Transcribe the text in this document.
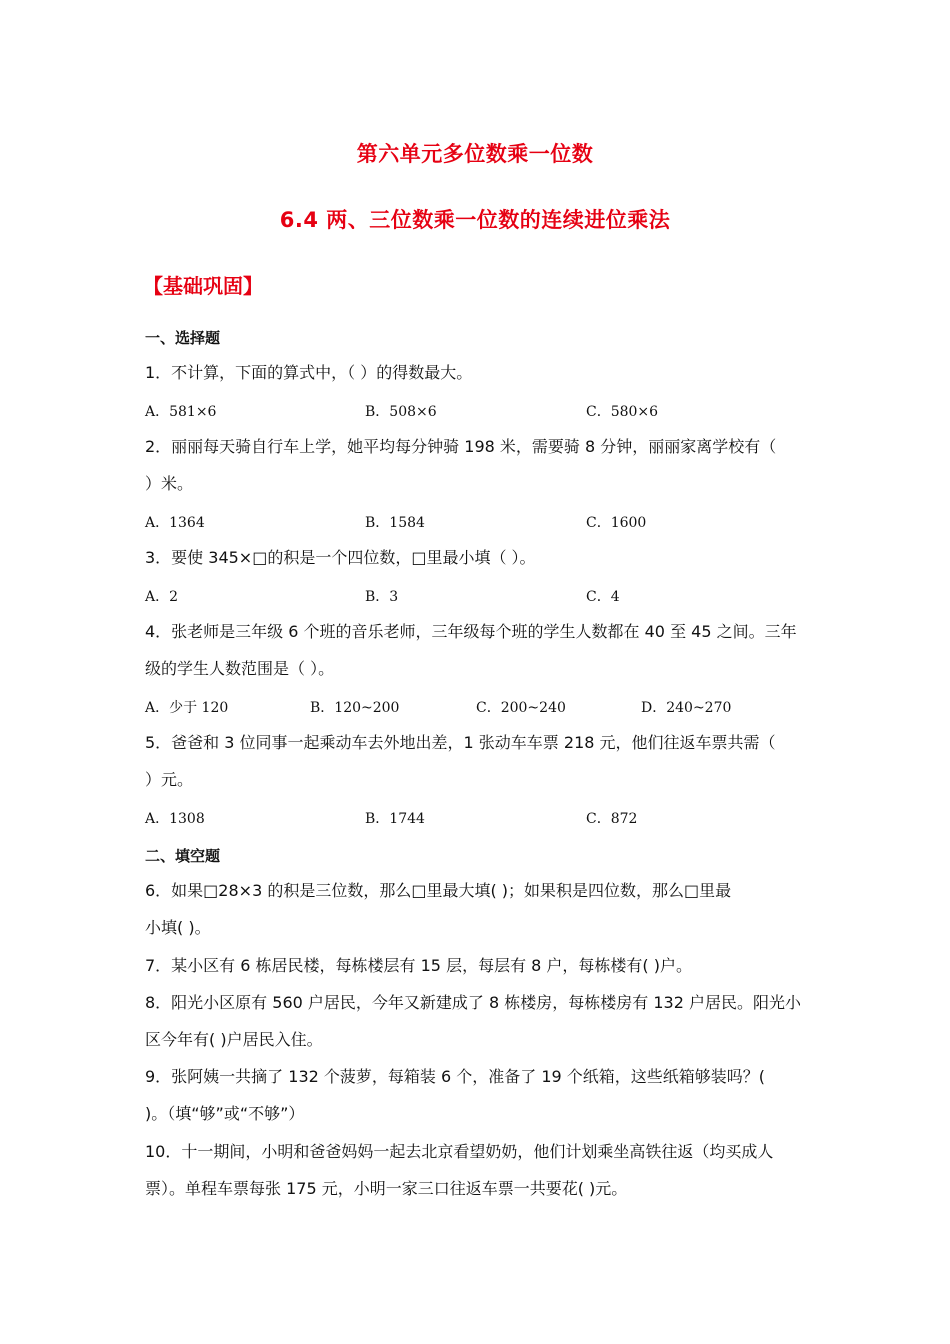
第六单元多位数乘一位数
6.4 两、三位数乘一位数的连续进位乘法
【基础巩固】
一、选择题
1．不计算，下面的算式中，（ ）的得数最大。
A．581×6	B．508×6	C．580×6
2．丽丽每天骑自行车上学，她平均每分钟骑 198 米，需要骑 8 分钟，丽丽家离学校有（
）米。
A．1364	B．1584	C．1600
3．要使 345×□的积是一个四位数，□里最小填（ ）。
A．2	B．3	C．4
4．张老师是三年级 6 个班的音乐老师，三年级每个班的学生人数都在 40 至 45 之间。三年
级的学生人数范围是（ ）。
A．少于 120	B．120~200	C．200~240	D．240~270
5．爸爸和 3 位同事一起乘动车去外地出差，1 张动车车票 218 元，他们往返车票共需（
）元。
A．1308	B．1744	C．872
二、填空题
6．如果□28×3 的积是三位数，那么□里最大填( )；如果积是四位数，那么□里最
小填( )。
7．某小区有 6 栋居民楼，每栋楼层有 15 层，每层有 8 户，每栋楼有( )户。
8．阳光小区原有 560 户居民，今年又新建成了 8 栋楼房，每栋楼房有 132 户居民。阳光小
区今年有( )户居民入住。
9．张阿姨一共摘了 132 个菠萝，每箱装 6 个，准备了 19 个纸箱，这些纸箱够装吗？(
)。（填“够”或“不够”）
10．十一期间，小明和爸爸妈妈一起去北京看望奶奶，他们计划乘坐高铁往返（均买成人
票）。单程车票每张 175 元，小明一家三口往返车票一共要花( )元。
